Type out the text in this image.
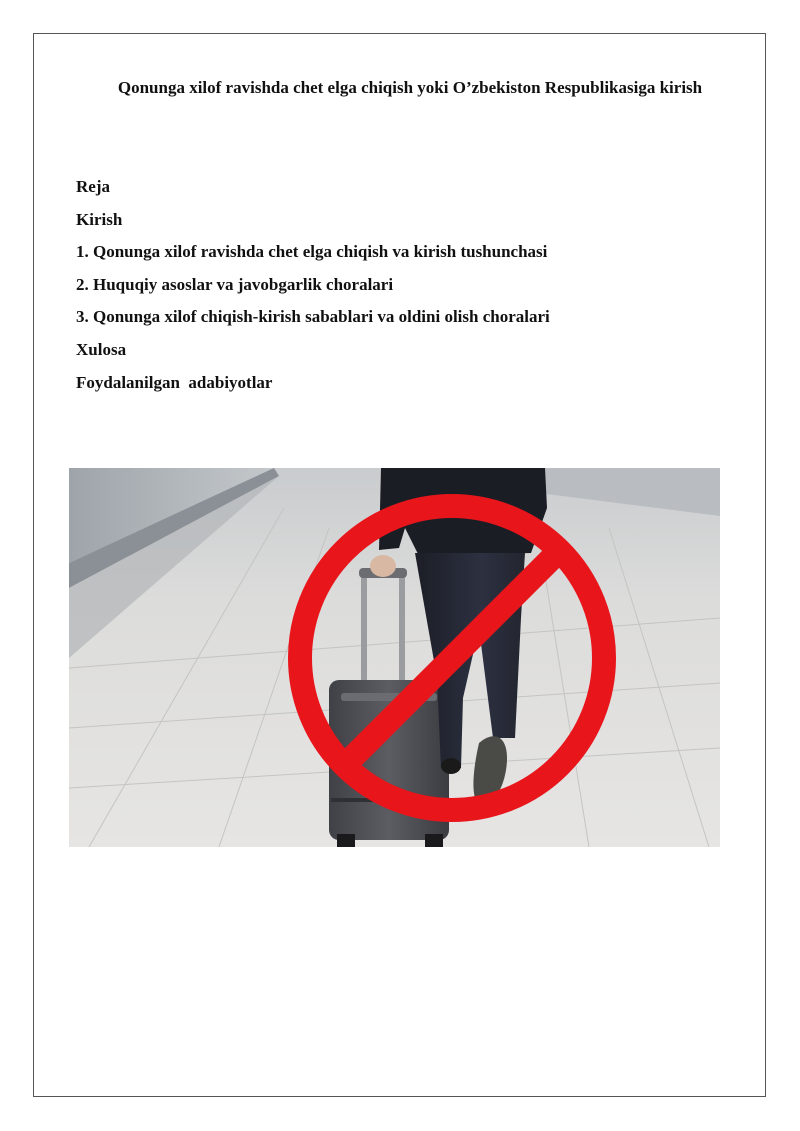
Qonunga xilof ravishda chet elga chiqish yoki O’zbekiston Respublikasiga kirish
Reja
Kirish
1. Qonunga xilof ravishda chet elga chiqish va kirish tushunchasi
2. Huquqiy asoslar va javobgarlik choralari
3. Qonunga xilof chiqish-kirish sabablari va oldini olish choralari
Xulosa
Foydalanilgan  adabiyotlar
